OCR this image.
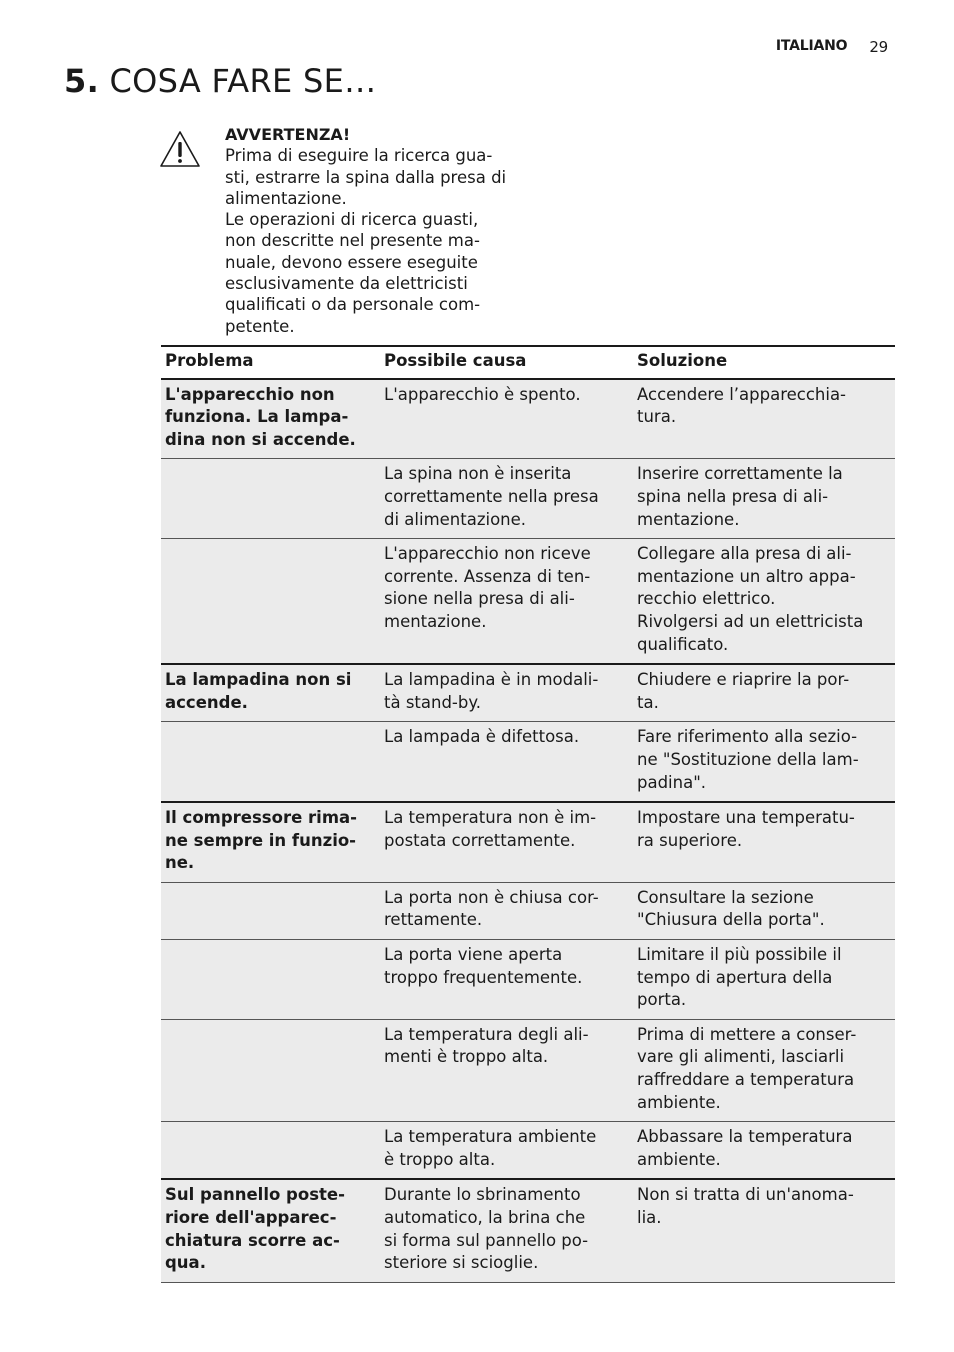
ITALIANO 29
5. COSA FARE SE…

AVVERTENZA!

Prima di eseguire la ricerca gua-
sti, estrarre la spina dalla presa di
alimentazione.

Le operazioni di ricerca guasti,
non descritte nel presente ma-
nuale, devono essere eseguite
esclusivamente da elettricisti
qualificati o da personale com-
petente.

Problema	Possibile causa	Soluzione
L'apparecchio non
funziona. La lampa-
dina non si accende.	L'apparecchio è spento.	Accendere l’apparecchia-
tura.
	La spina non è inserita
correttamente nella presa
di alimentazione.	Inserire correttamente la
spina nella presa di ali-
mentazione.
	L'apparecchio non riceve
corrente. Assenza di ten-
sione nella presa di ali-
mentazione.	Collegare alla presa di ali-
mentazione un altro appa-
recchio elettrico.
Rivolgersi ad un elettricista
qualificato.
La lampadina non si
accende.	La lampadina è in modali-
tà stand-by.	Chiudere e riaprire la por-
ta.
	La lampada è difettosa.	Fare riferimento alla sezio-
ne "Sostituzione della lam-
padina".
Il compressore rima-
ne sempre in funzio-
ne.	La temperatura non è im-
postata correttamente.	Impostare una temperatu-
ra superiore.
	La porta non è chiusa cor-
rettamente.	Consultare la sezione
"Chiusura della porta".
	La porta viene aperta
troppo frequentemente.	Limitare il più possibile il
tempo di apertura della
porta.
	La temperatura degli ali-
menti è troppo alta.	Prima di mettere a conser-
vare gli alimenti, lasciarli
raffreddare a temperatura
ambiente.
	La temperatura ambiente
è troppo alta.	Abbassare la temperatura
ambiente.
Sul pannello poste-
riore dell'apparec-
chiatura scorre ac-
qua.	Durante lo sbrinamento
automatico, la brina che
si forma sul pannello po-
steriore si scioglie.	Non si tratta di un'anoma-
lia.
